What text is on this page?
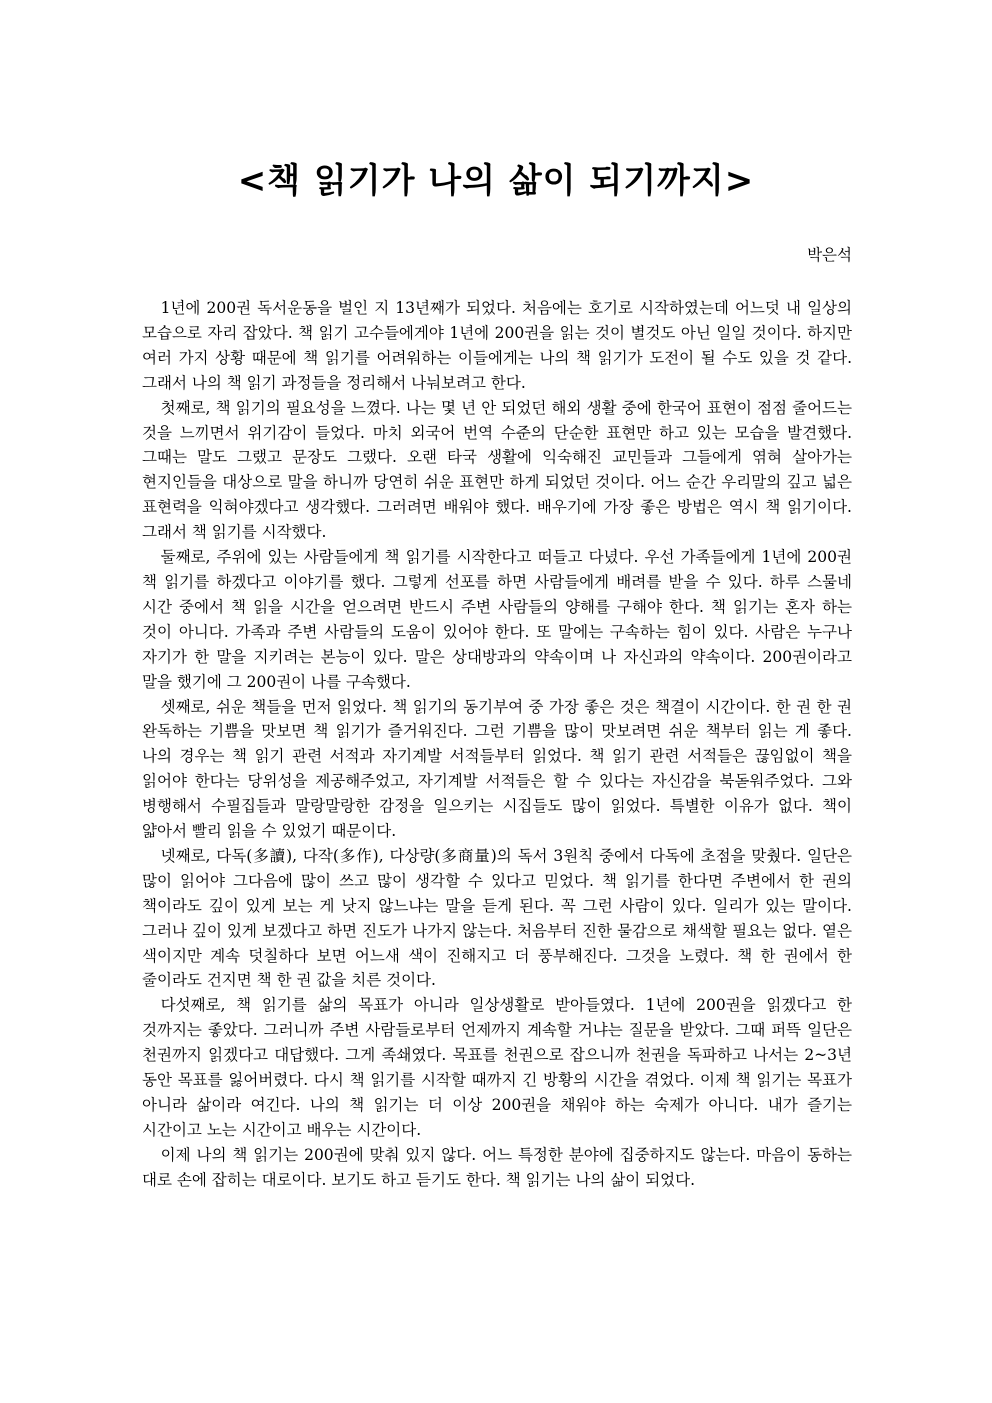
<책 읽기가 나의 삶이 되기까지>
박은석

1년에 200권 독서운동을 벌인 지 13년째가 되었다. 처음에는 호기로 시작하였는데 어느덧 내 일상의 모습으로 자리 잡았다. 책 읽기 고수들에게야 1년에 200권을 읽는 것이 별것도 아닌 일일 것이다. 하지만 여러 가지 상황 때문에 책 읽기를 어려워하는 이들에게는 나의 책 읽기가 도전이 될 수도 있을 것 같다. 그래서 나의 책 읽기 과정들을 정리해서 나눠보려고 한다.

첫째로, 책 읽기의 필요성을 느꼈다. 나는 몇 년 안 되었던 해외 생활 중에 한국어 표현이 점점 줄어드는 것을 느끼면서 위기감이 들었다. 마치 외국어 번역 수준의 단순한 표현만 하고 있는 모습을 발견했다. 그때는 말도 그랬고 문장도 그랬다. 오랜 타국 생활에 익숙해진 교민들과 그들에게 엮혀 살아가는 현지인들을 대상으로 말을 하니까 당연히 쉬운 표현만 하게 되었던 것이다. 어느 순간 우리말의 깊고 넓은 표현력을 익혀야겠다고 생각했다. 그러려면 배워야 했다. 배우기에 가장 좋은 방법은 역시 책 읽기이다. 그래서 책 읽기를 시작했다.

둘째로, 주위에 있는 사람들에게 책 읽기를 시작한다고 떠들고 다녔다. 우선 가족들에게 1년에 200권 책 읽기를 하겠다고 이야기를 했다. 그렇게 선포를 하면 사람들에게 배려를 받을 수 있다. 하루 스물네 시간 중에서 책 읽을 시간을 얻으려면 반드시 주변 사람들의 양해를 구해야 한다. 책 읽기는 혼자 하는 것이 아니다. 가족과 주변 사람들의 도움이 있어야 한다. 또 말에는 구속하는 힘이 있다. 사람은 누구나 자기가 한 말을 지키려는 본능이 있다. 말은 상대방과의 약속이며 나 자신과의 약속이다. 200권이라고 말을 했기에 그 200권이 나를 구속했다.

셋째로, 쉬운 책들을 먼저 읽었다. 책 읽기의 동기부여 중 가장 좋은 것은 책결이 시간이다. 한 권 한 권 완독하는 기쁨을 맛보면 책 읽기가 즐거워진다. 그런 기쁨을 많이 맛보려면 쉬운 책부터 읽는 게 좋다. 나의 경우는 책 읽기 관련 서적과 자기계발 서적들부터 읽었다. 책 읽기 관련 서적들은 끊임없이 책을 읽어야 한다는 당위성을 제공해주었고, 자기계발 서적들은 할 수 있다는 자신감을 북돋워주었다. 그와 병행해서 수필집들과 말랑말랑한 감정을 일으키는 시집들도 많이 읽었다. 특별한 이유가 없다. 책이 얇아서 빨리 읽을 수 있었기 때문이다.

넷째로, 다독(多讀), 다작(多作), 다상량(多商量)의 독서 3원칙 중에서 다독에 초점을 맞췄다. 일단은 많이 읽어야 그다음에 많이 쓰고 많이 생각할 수 있다고 믿었다. 책 읽기를 한다면 주변에서 한 권의 책이라도 깊이 있게 보는 게 낫지 않느냐는 말을 듣게 된다. 꼭 그런 사람이 있다. 일리가 있는 말이다. 그러나 깊이 있게 보겠다고 하면 진도가 나가지 않는다. 처음부터 진한 물감으로 채색할 필요는 없다. 옅은 색이지만 계속 덧칠하다 보면 어느새 색이 진해지고 더 풍부해진다. 그것을 노렸다. 책 한 권에서 한 줄이라도 건지면 책 한 권 값을 치른 것이다.

다섯째로, 책 읽기를 삶의 목표가 아니라 일상생활로 받아들였다. 1년에 200권을 읽겠다고 한 것까지는 좋았다. 그러니까 주변 사람들로부터 언제까지 계속할 거냐는 질문을 받았다. 그때 퍼뜩 일단은 천권까지 읽겠다고 대답했다. 그게 족쇄였다. 목표를 천권으로 잡으니까 천권을 독파하고 나서는 2~3년 동안 목표를 잃어버렸다. 다시 책 읽기를 시작할 때까지 긴 방황의 시간을 겪었다. 이제 책 읽기는 목표가 아니라 삶이라 여긴다. 나의 책 읽기는 더 이상 200권을 채워야 하는 숙제가 아니다. 내가 즐기는 시간이고 노는 시간이고 배우는 시간이다.

이제 나의 책 읽기는 200권에 맞춰 있지 않다. 어느 특정한 분야에 집중하지도 않는다. 마음이 동하는 대로 손에 잡히는 대로이다. 보기도 하고 듣기도 한다. 책 읽기는 나의 삶이 되었다.
